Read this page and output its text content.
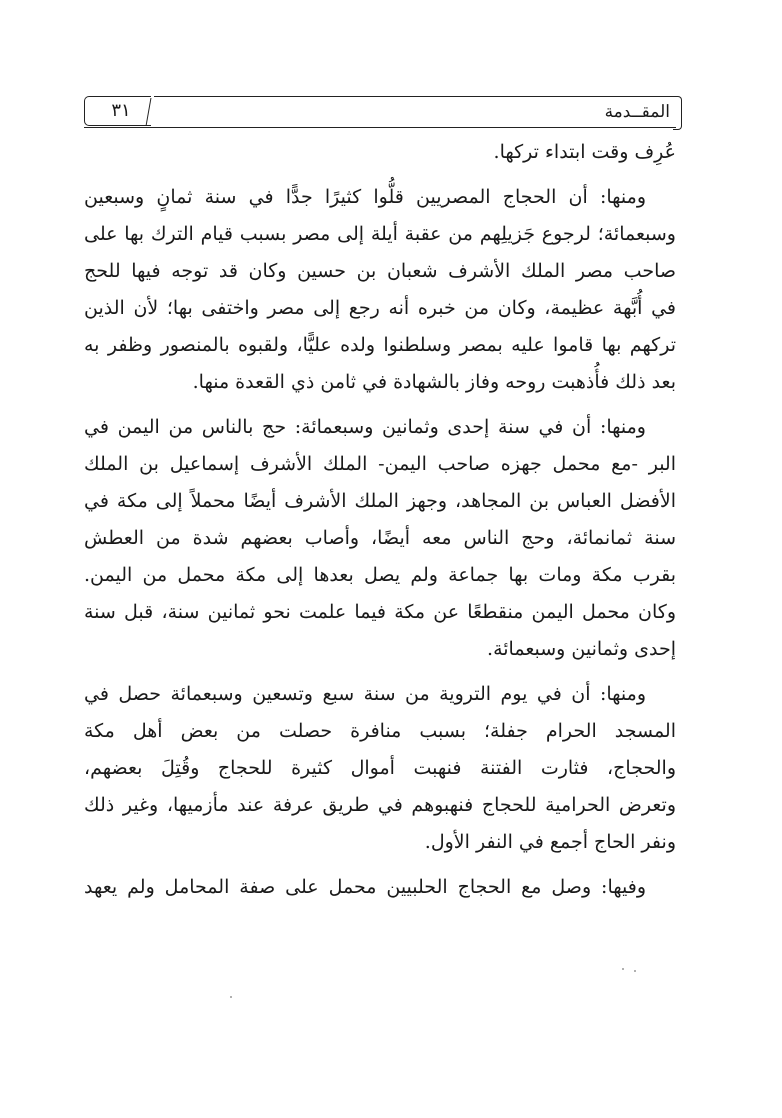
المقــدمة
٣١
عُرِف وقت ابتداء تركها.
ومنها: أن الحجاج المصريين قلُّوا كثيرًا جدًّا في سنة ثمانٍ وسبعين
وسبعمائة؛ لرجوع جَزيلِهم من عقبة أيلة إلى مصر بسبب قيام الترك بها على
صاحب مصر الملك الأشرف شعبان بن حسين وكان قد توجه فيها للحج
في أُبَّهة عظيمة، وكان من خبره أنه رجع إلى مصر واختفى بها؛ لأن الذين
تركهم بها قاموا عليه بمصر وسلطنوا ولده عليًّا، ولقبوه بالمنصور وظفر به
بعد ذلك فأُذهبت روحه وفاز بالشهادة في ثامن ذي القعدة منها.
ومنها: أن في سنة إحدى وثمانين وسبعمائة: حج بالناس من اليمن في
البر -مع محمل جهزه صاحب اليمن- الملك الأشرف إسماعيل بن الملك
الأفضل العباس بن المجاهد، وجهز الملك الأشرف أيضًا محملاً إلى مكة في
سنة ثمانمائة، وحج الناس معه أيضًا، وأصاب بعضهم شدة من العطش
بقرب مكة ومات بها جماعة ولم يصل بعدها إلى مكة محمل من اليمن.
وكان محمل اليمن منقطعًا عن مكة فيما علمت نحو ثمانين سنة، قبل سنة
إحدى وثمانين وسبعمائة.
ومنها: أن في يوم التروية من سنة سبع وتسعين وسبعمائة حصل في
المسجد الحرام جفلة؛ بسبب منافرة حصلت من بعض أهل مكة
والحجاج، فثارت الفتنة فنهبت أموال كثيرة للحجاج وقُتِلَ بعضهم،
وتعرض الحرامية للحجاج فنهبوهم في طريق عرفة عند مأزميها، وغير ذلك
ونفر الحاج أجمع في النفر الأول.
وفيها: وصل مع الحجاج الحلبيين محمل على صفة المحامل ولم يعهد
